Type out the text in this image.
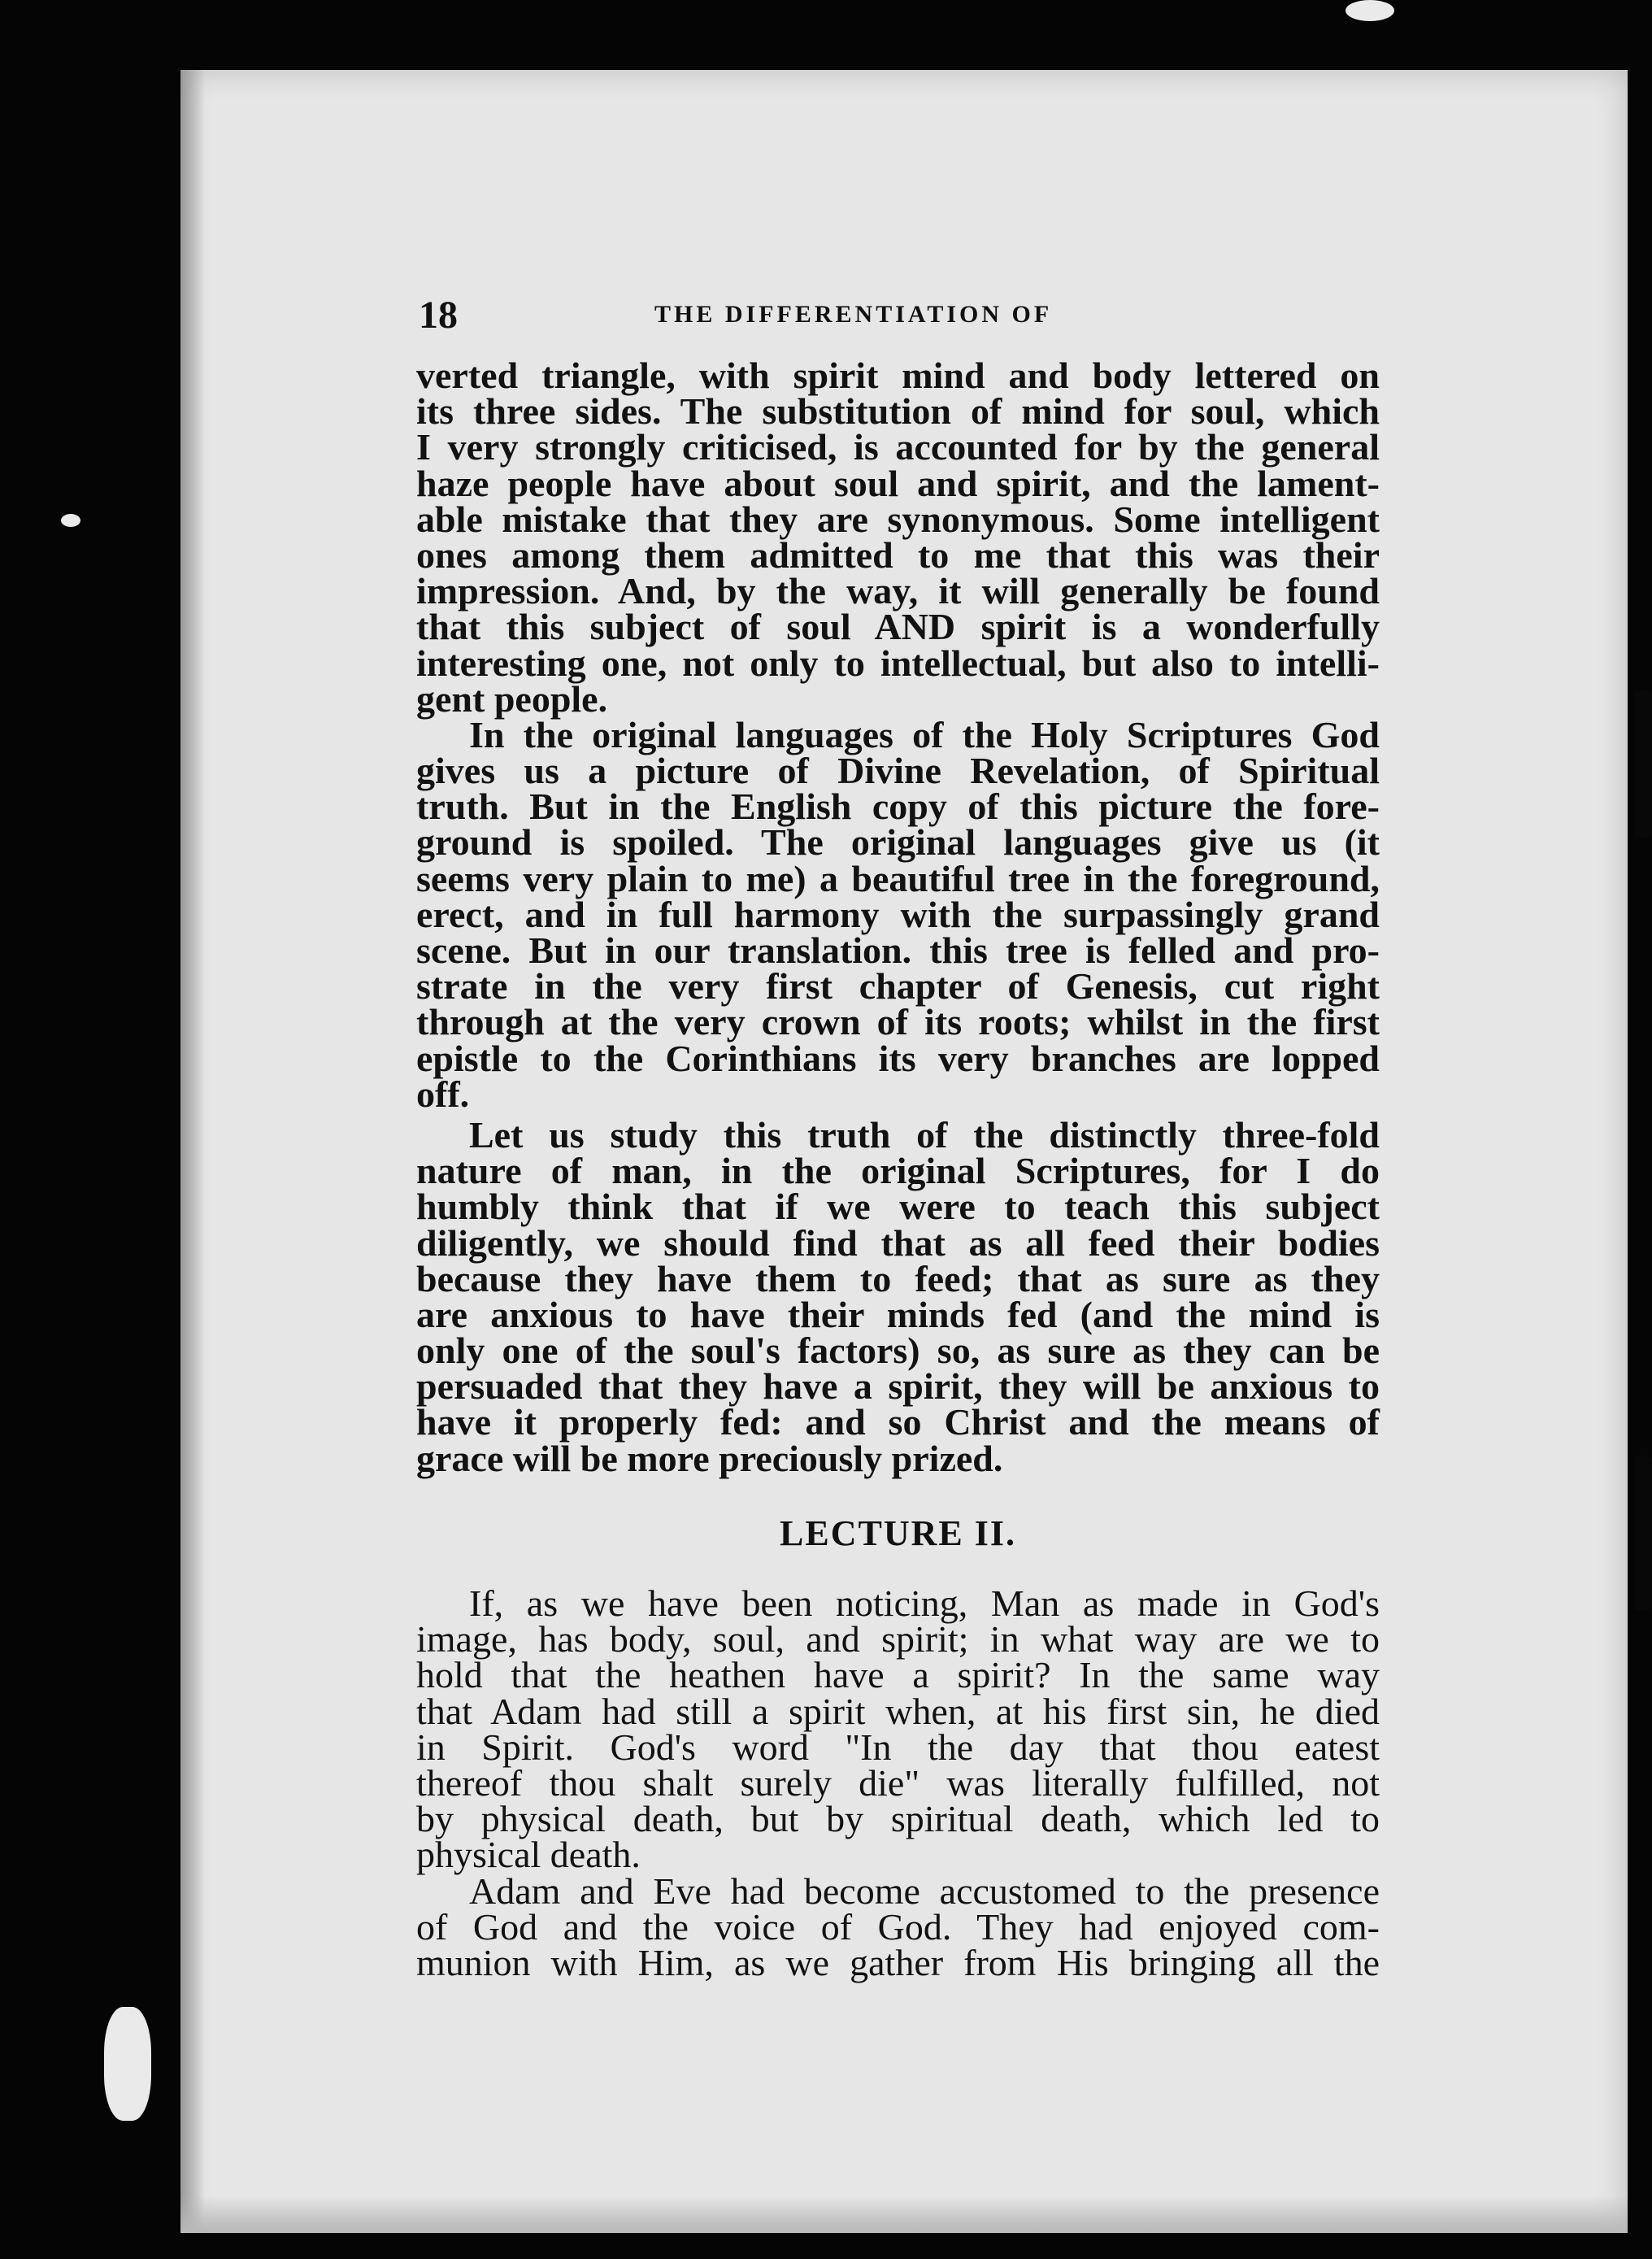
18	THE DIFFERENTIATION OF
verted triangle, with spirit mind and body lettered on
its three sides. The substitution of mind for soul, which
I very strongly criticised, is accounted for by the general
haze people have about soul and spirit, and the lament-
able mistake that they are synonymous. Some intelligent
ones among them admitted to me that this was their
impression. And, by the way, it will generally be found
that this subject of soul AND spirit is a wonderfully
interesting one, not only to intellectual, but also to intelli-
gent people.
In the original languages of the Holy Scriptures God
gives us a picture of Divine Revelation, of Spiritual
truth. But in the English copy of this picture the fore-
ground is spoiled. The original languages give us (it
seems very plain to me) a beautiful tree in the foreground,
erect, and in full harmony with the surpassingly grand
scene. But in our translation. this tree is felled and pro-
strate in the very first chapter of Genesis, cut right
through at the very crown of its roots; whilst in the first
epistle to the Corinthians its very branches are lopped
off.
Let us study this truth of the distinctly three-fold
nature of man, in the original Scriptures, for I do
humbly think that if we were to teach this subject
diligently, we should find that as all feed their bodies
because they have them to feed; that as sure as they
are anxious to have their minds fed (and the mind is
only one of the soul's factors) so, as sure as they can be
persuaded that they have a spirit, they will be anxious to
have it properly fed: and so Christ and the means of
grace will be more preciously prized.
LECTURE II.
If, as we have been noticing, Man as made in God's
image, has body, soul, and spirit; in what way are we to
hold that the heathen have a spirit? In the same way
that Adam had still a spirit when, at his first sin, he died
in Spirit. God's word "In the day that thou eatest
thereof thou shalt surely die" was literally fulfilled, not
by physical death, but by spiritual death, which led to
physical death.
Adam and Eve had become accustomed to the presence
of God and the voice of God. They had enjoyed com-
munion with Him, as we gather from His bringing all the
